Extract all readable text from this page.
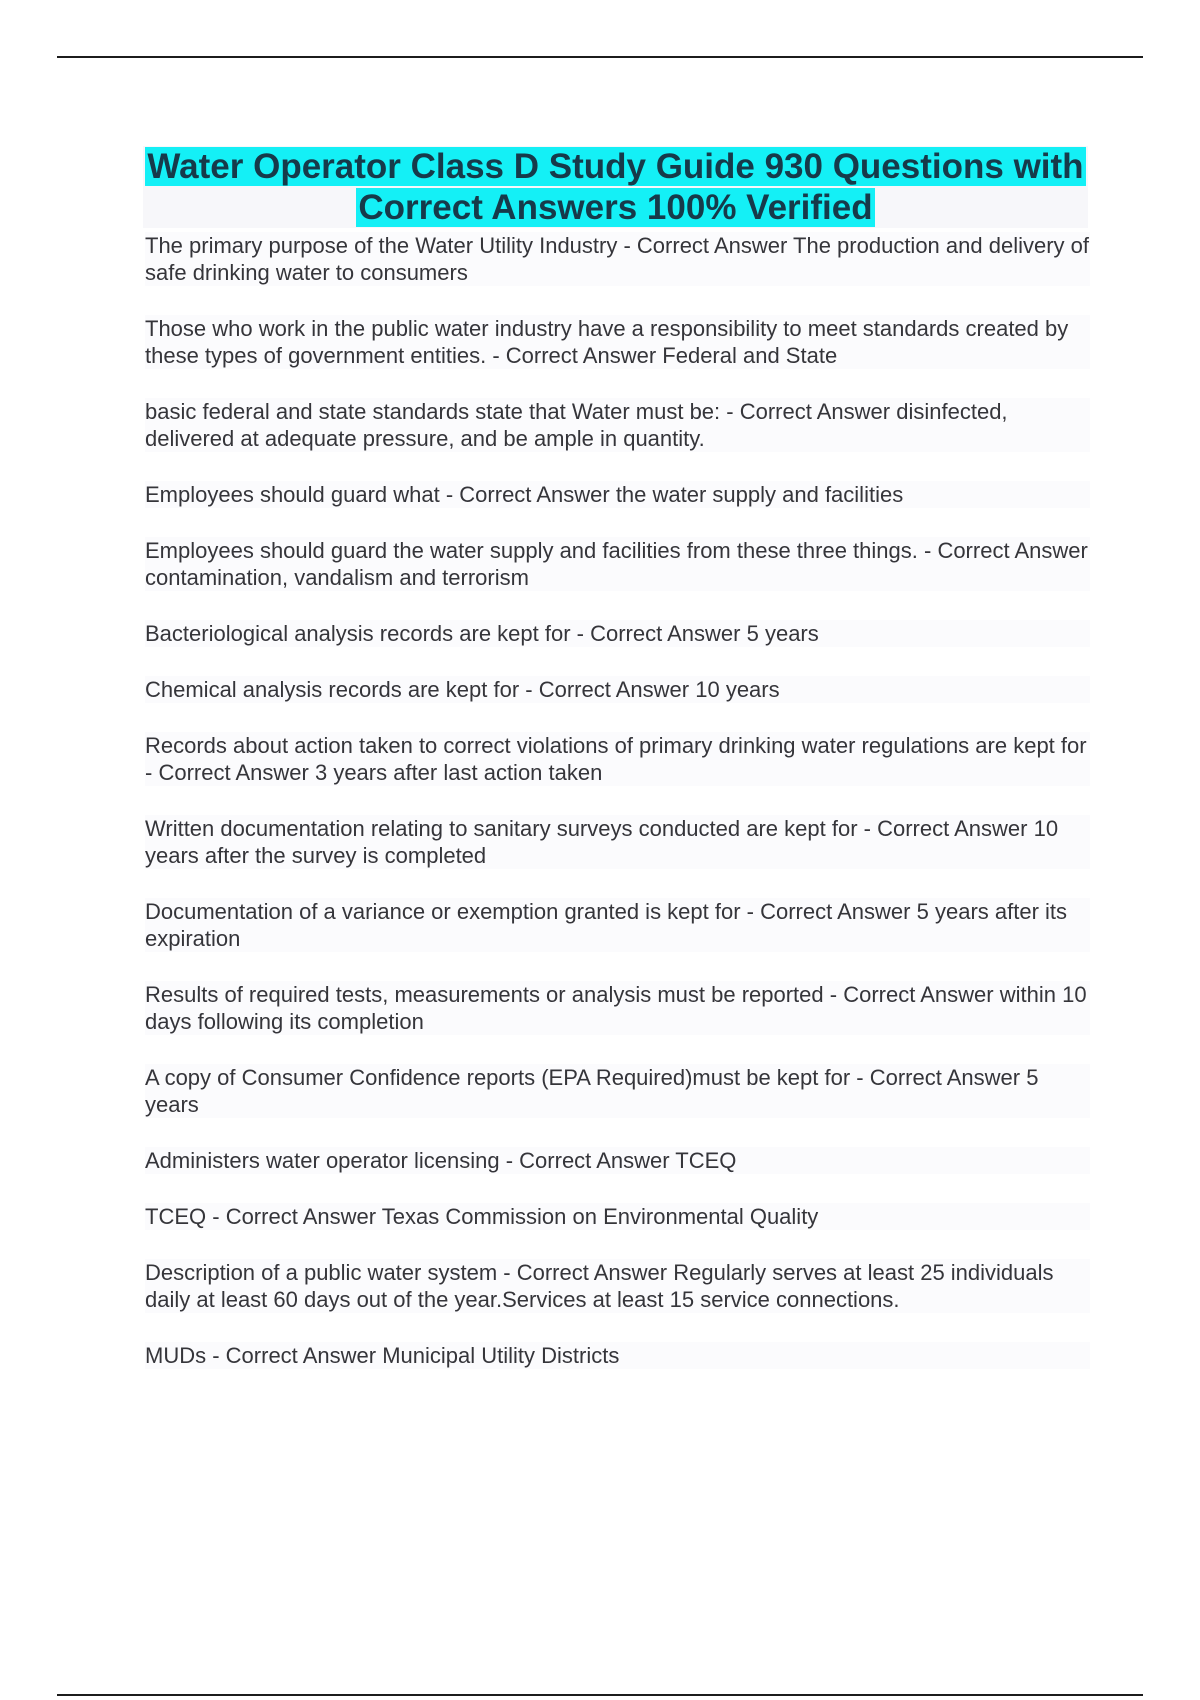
Water Operator Class D Study Guide 930 Questions with Correct Answers 100% Verified
The primary purpose of the Water Utility Industry - Correct Answer The production and delivery of safe drinking water to consumers
Those who work in the public water industry have a responsibility to meet standards created by these types of government entities. - Correct Answer Federal and State
basic federal and state standards state that Water must be: - Correct Answer disinfected, delivered at adequate pressure, and be ample in quantity.
Employees should guard what - Correct Answer the water supply and facilities
Employees should guard the water supply and facilities from these three things. - Correct Answer contamination, vandalism and terrorism
Bacteriological analysis records are kept for - Correct Answer 5 years
Chemical analysis records are kept for - Correct Answer 10 years
Records about action taken to correct violations of primary drinking water regulations are kept for - Correct Answer 3 years after last action taken
Written documentation relating to sanitary surveys conducted are kept for - Correct Answer 10 years after the survey is completed
Documentation of a variance or exemption granted is kept for - Correct Answer 5 years after its expiration
Results of required tests, measurements or analysis must be reported - Correct Answer within 10 days following its completion
A copy of Consumer Confidence reports (EPA Required)must be kept for - Correct Answer 5 years
Administers water operator licensing - Correct Answer TCEQ
TCEQ - Correct Answer Texas Commission on Environmental Quality
Description of a public water system - Correct Answer Regularly serves at least 25 individuals daily at least 60 days out of the year.Services at least 15 service connections.
MUDs - Correct Answer Municipal Utility Districts
